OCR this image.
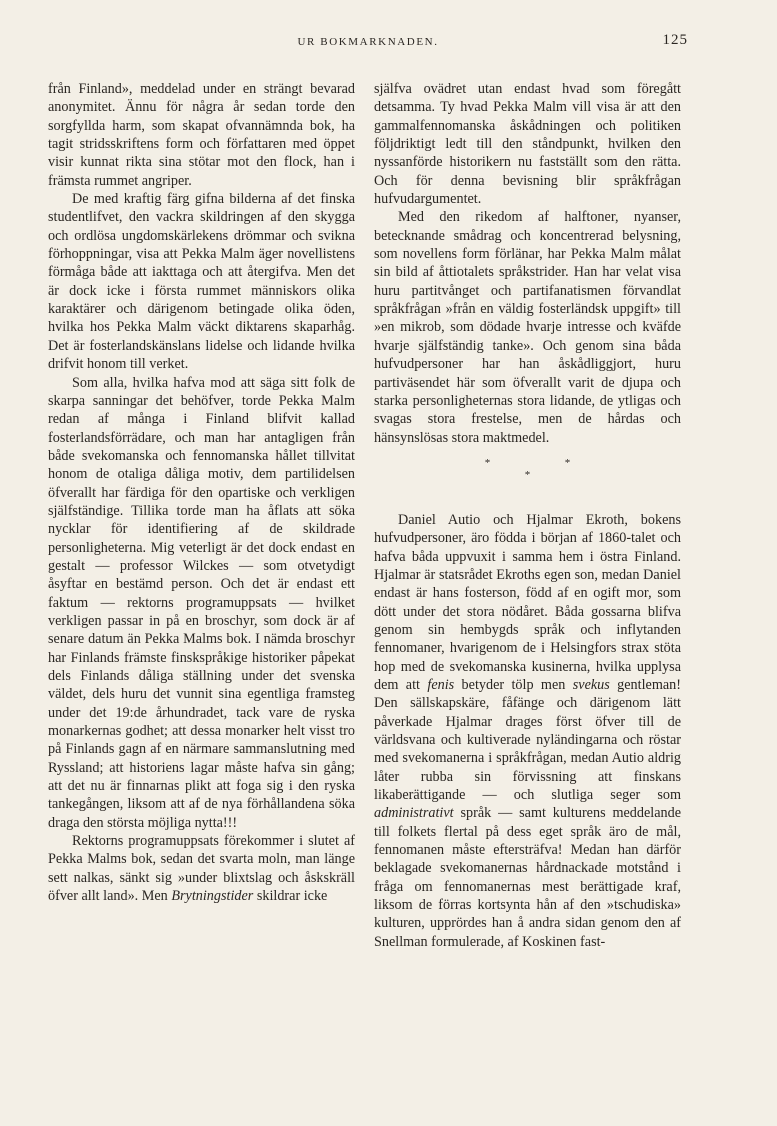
UR BOKMARKNADEN.	125

från Finland», meddelad under en strängt bevarad anonymitet. Ännu för några år sedan torde den sorgfyllda harm, som skapat ofvannämnda bok, ha tagit stridsskriftens form och författaren med öppet visir kunnat rikta sina stötar mot den flock, han i främsta rummet angriper.

De med kraftig färg gifna bilderna af det finska studentlifvet, den vackra skildringen af den skygga och ordlösa ungdomskärlekens drömmar och svikna förhoppningar, visa att Pekka Malm äger novellistens förmåga både att iakttaga och att återgifva. Men det är dock icke i första rummet människors olika karaktärer och därigenom betingade olika öden, hvilka hos Pekka Malm väckt diktarens skaparhåg. Det är fosterlandskänslans lidelse och lidande hvilka drifvit honom till verket.

Som alla, hvilka hafva mod att säga sitt folk de skarpa sanningar det behöfver, torde Pekka Malm redan af många i Finland blifvit kallad fosterlandsförrädare, och man har antagligen från både svekomanska och fennomanska hållet tillvitat honom de otaliga dåliga motiv, dem partilidelsen öfverallt har färdiga för den opartiske och verkligen själfständige. Tillika torde man ha åflats att söka nycklar för identifiering af de skildrade personligheterna. Mig veterligt är det dock endast en gestalt — professor Wilckes — som otvetydigt åsyftar en bestämd person. Och det är endast ett faktum — rektorns programuppsats — hvilket verkligen passar in på en broschyr, som dock är af senare datum än Pekka Malms bok. I nämda broschyr har Finlands främste finskspråkige historiker påpekat dels Finlands dåliga ställning under det svenska väldet, dels huru det vunnit sina egentliga framsteg under det 19:de århundradet, tack vare de ryska monarkernas godhet; att dessa monarker helt visst tro på Finlands gagn af en närmare sammanslutning med Ryssland; att historiens lagar måste hafva sin gång; att det nu är finnarnas plikt att foga sig i den ryska tankegången, liksom att af de nya förhållandena söka draga den största möjliga nytta!!!

Rektorns programuppsats förekommer i slutet af Pekka Malms bok, sedan det svarta moln, man länge sett nalkas, sänkt sig »under blixtslag och åskskräll öfver allt land». Men Brytningstider skildrar icke

själfva ovädret utan endast hvad som föregått detsamma. Ty hvad Pekka Malm vill visa är att den gammalfennomanska åskådningen och politiken följdriktigt ledt till den ståndpunkt, hvilken den nyssanförde historikern nu fastställt som den rätta. Och för denna bevisning blir språkfrågan hufvudargumentet.

Med den rikedom af halftoner, nyanser, betecknande smådrag och koncentrerad belysning, som novellens form förlänar, har Pekka Malm målat sin bild af åttiotalets språkstrider. Han har velat visa huru partitvånget och partifanatismen förvandlat språkfrågan »från en väldig fosterländsk uppgift» till »en mikrob, som dödade hvarje intresse och kväfde hvarje själfständig tanke». Och genom sina båda hufvudpersoner har han åskådliggjort, huru partiväsendet här som öfverallt varit de djupa och starka personligheternas stora lidande, de ytligas och svagas stora frestelse, men de hårdas och hänsynslösas stora maktmedel.

*	*
*

Daniel Autio och Hjalmar Ekroth, bokens hufvudpersoner, äro födda i början af 1860-talet och hafva båda uppvuxit i samma hem i östra Finland. Hjalmar är statsrådet Ekroths egen son, medan Daniel endast är hans fosterson, född af en ogift mor, som dött under det stora nödåret. Båda gossarna blifva genom sin hembygds språk och inflytanden fennomaner, hvarigenom de i Helsingfors strax stöta hop med de svekomanska kusinerna, hvilka upplysa dem att fenis betyder tölp men svekus gentleman! Den sällskapskäre, fåfänge och därigenom lätt påverkade Hjalmar drages först öfver till de världsvana och kultiverade nyländingarna och röstar med svekomanerna i språkfrågan, medan Autio aldrig låter rubba sin förvissning att finskans likaberättigande — och slutliga seger som administrativt språk — samt kulturens meddelande till folkets flertal på dess eget språk äro de mål, fennomanen måste eftersträfva! Medan han därför beklagade svekomanernas hårdnackade motstånd i fråga om fennomanernas mest berättigade kraf, liksom de förras kortsynta hån af den »tschudiska» kulturen, upprördes han å andra sidan genom den af Snellman formulerade, af Koskinen fast-
